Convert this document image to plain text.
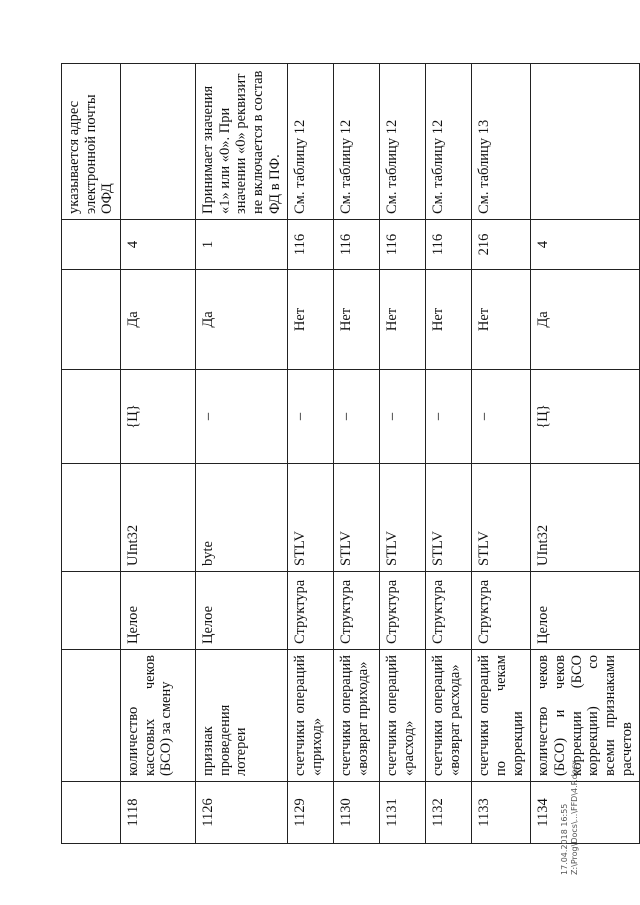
							указывается адрес электронной почты ОФД
1118	количество кассовых чеков (БСО) за смену	Целое	UInt32	{Ц}	Да	4	
1126	признак проведения лотереи	Целое	byte	–	Да	1	Принимает значения «1» или «0». При значении «0» реквизит не включается в состав ФД в ПФ.
1129	счетчики операций «приход»	Структура	STLV	–	Нет	116	См. таблицу 12
1130	счетчики операций «возврат прихода»	Структура	STLV	–	Нет	116	См. таблицу 12
1131	счетчики операций «расход»	Структура	STLV	–	Нет	116	См. таблицу 12
1132	счетчики операций «возврат расхода»	Структура	STLV	–	Нет	116	См. таблицу 12
1133	счетчики операций по чекам коррекции	Структура	STLV	–	Нет	216	См. таблицу 13
1134	количество чеков (БСО) и чеков коррекции (БСО коррекции) со всеми признаками расчетов	Целое	UInt32	{Ц}	Да	4	
17.04.2018 16:55 Z:\Prog\Docs\...\FFD\4.P.docx
